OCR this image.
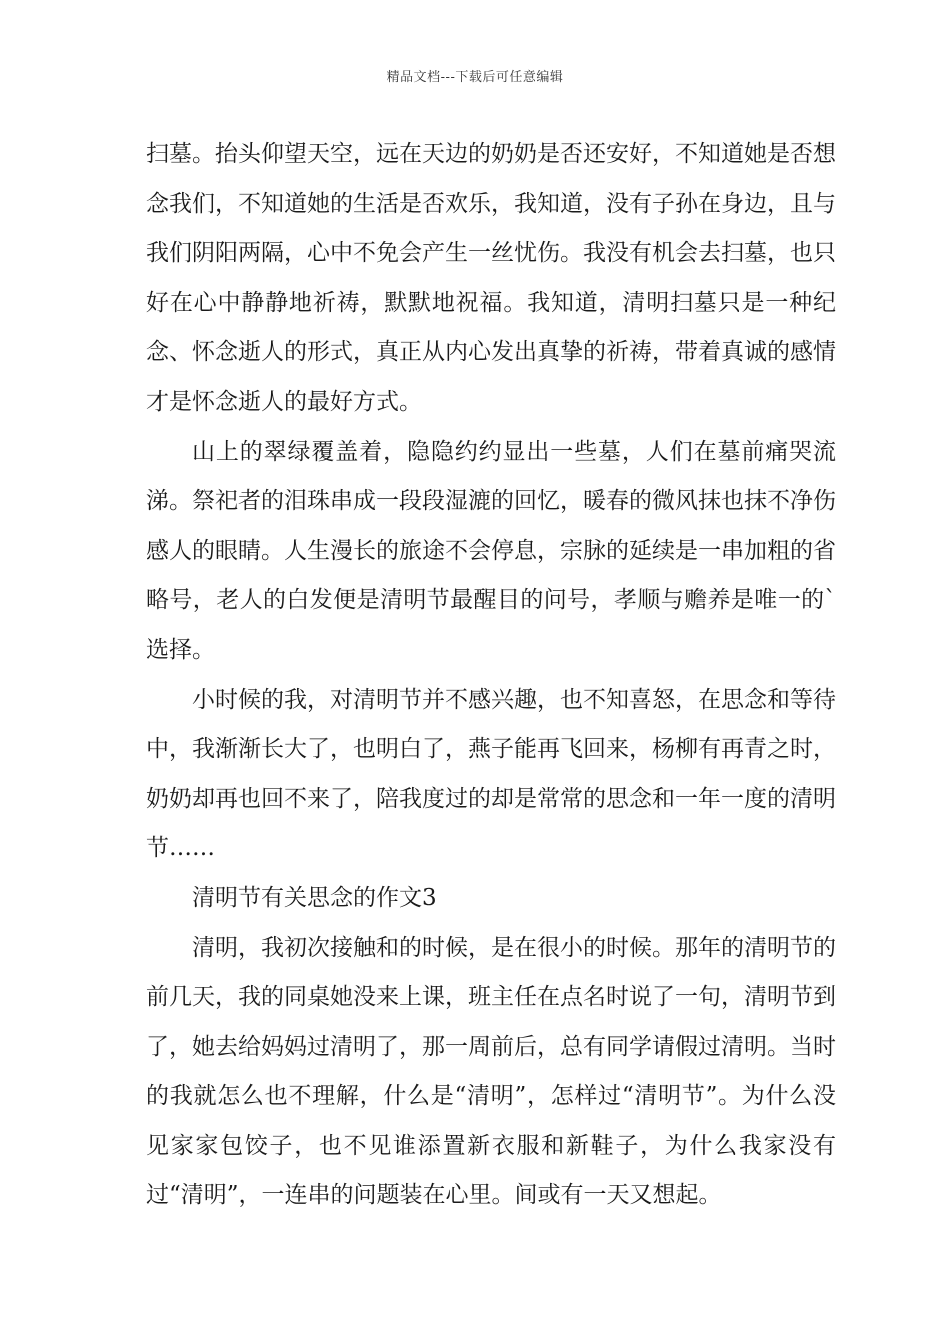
精品文档---下载后可任意编辑

扫墓。抬头仰望天空，远在天边的奶奶是否还安好，不知道她是否想念我们，不知道她的生活是否欢乐，我知道，没有子孙在身边，且与我们阴阳两隔，心中不免会产生一丝忧伤。我没有机会去扫墓，也只好在心中静静地祈祷，默默地祝福。我知道，清明扫墓只是一种纪念、怀念逝人的形式，真正从内心发出真挚的祈祷，带着真诚的感情才是怀念逝人的最好方式。

山上的翠绿覆盖着，隐隐约约显出一些墓，人们在墓前痛哭流涕。祭祀者的泪珠串成一段段湿漉的回忆，暖春的微风抹也抹不净伤感人的眼睛。人生漫长的旅途不会停息，宗脉的延续是一串加粗的省略号，老人的白发便是清明节最醒目的问号，孝顺与赡养是唯一的`选择。

小时候的我，对清明节并不感兴趣，也不知喜怒，在思念和等待中，我渐渐长大了，也明白了，燕子能再飞回来，杨柳有再青之时，奶奶却再也回不来了，陪我度过的却是常常的思念和一年一度的清明节……

清明节有关思念的作文3

清明，我初次接触和的时候，是在很小的时候。那年的清明节的前几天，我的同桌她没来上课，班主任在点名时说了一句，清明节到了，她去给妈妈过清明了，那一周前后，总有同学请假过清明。当时的我就怎么也不理解，什么是“清明”，怎样过“清明节”。为什么没见家家包饺子，也不见谁添置新衣服和新鞋子，为什么我家没有过“清明”，一连串的问题装在心里。间或有一天又想起。
